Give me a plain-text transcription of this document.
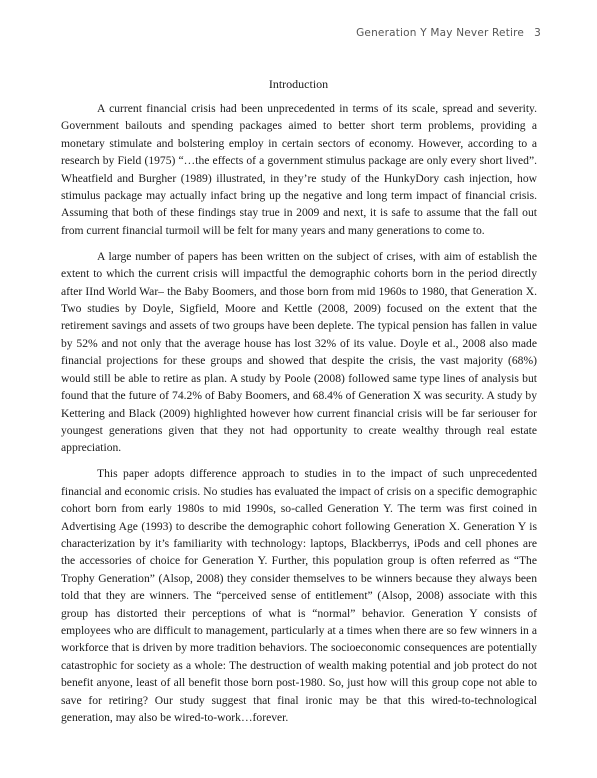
Generation Y May Never Retire 3
Introduction

A current financial crisis had been unprecedented in terms of its scale, spread and severity. Government bailouts and spending packages aimed to better short term problems, providing a monetary stimulate and bolstering employ in certain sectors of economy. However, according to a research by Field (1975) “…the effects of a government stimulus package are only every short lived”. Wheatfield and Burgher (1989) illustrated, in they’re study of the HunkyDory cash injection, how stimulus package may actually infact bring up the negative and long term impact of financial crisis. Assuming that both of these findings stay true in 2009 and next, it is safe to assume that the fall out from current financial turmoil will be felt for many years and many generations to come to.

A large number of papers has been written on the subject of crises, with aim of establish the extent to which the current crisis will impactful the demographic cohorts born in the period directly after IInd World War– the Baby Boomers, and those born from mid 1960s to 1980, that Generation X. Two studies by Doyle, Sigfield, Moore and Kettle (2008, 2009) focused on the extent that the retirement savings and assets of two groups have been deplete. The typical pension has fallen in value by 52% and not only that the average house has lost 32% of its value. Doyle et al., 2008 also made financial projections for these groups and showed that despite the crisis, the vast majority (68%) would still be able to retire as plan. A study by Poole (2008) followed same type lines of analysis but found that the future of 74.2% of Baby Boomers, and 68.4% of Generation X was security. A study by Kettering and Black (2009) highlighted however how current financial crisis will be far seriouser for youngest generations given that they not had opportunity to create wealthy through real estate appreciation.

This paper adopts difference approach to studies in to the impact of such unprecedented financial and economic crisis. No studies has evaluated the impact of crisis on a specific demographic cohort born from early 1980s to mid 1990s, so-called Generation Y. The term was first coined in Advertising Age (1993) to describe the demographic cohort following Generation X. Generation Y is characterization by it’s familiarity with technology: laptops, Blackberrys, iPods and cell phones are the accessories of choice for Generation Y. Further, this population group is often referred as “The Trophy Generation” (Alsop, 2008) they consider themselves to be winners because they always been told that they are winners. The “perceived sense of entitlement” (Alsop, 2008) associate with this group has distorted their perceptions of what is “normal” behavior. Generation Y consists of employees who are difficult to management, particularly at a times when there are so few winners in a workforce that is driven by more tradition behaviors. The socioeconomic consequences are potentially catastrophic for society as a whole: The destruction of wealth making potential and job protect do not benefit anyone, least of all benefit those born post-1980. So, just how will this group cope not able to save for retiring? Our study suggest that final ironic may be that this wired-to-technological generation, may also be wired-to-work…forever.
